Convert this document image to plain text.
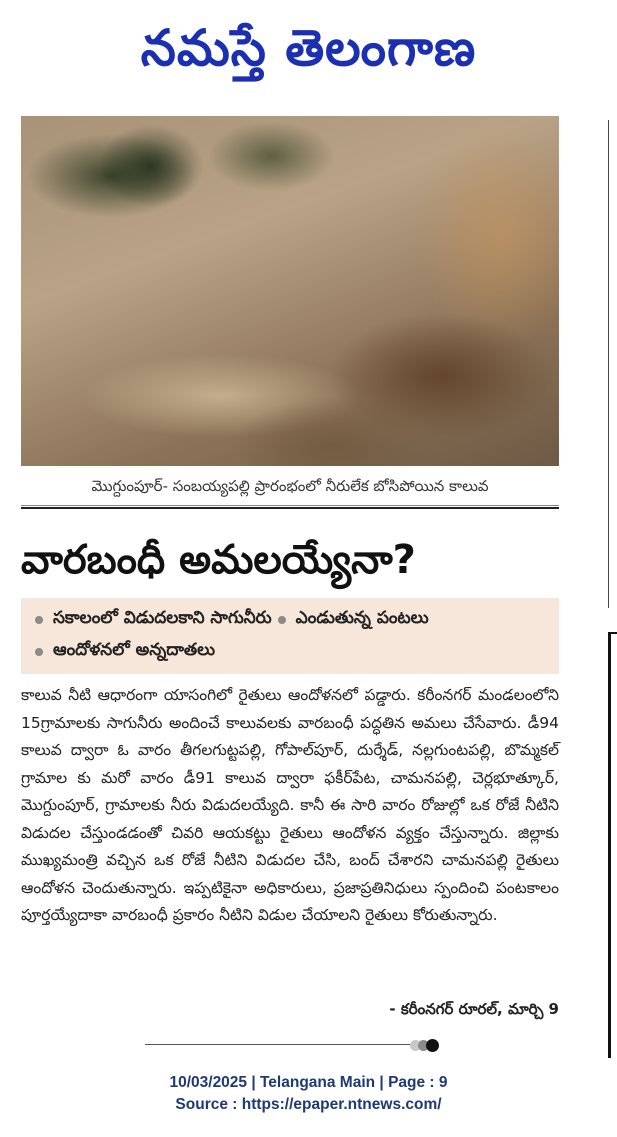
నమస్తే తెలంగాణ
మొగ్దుంపూర్‌- సంబయ్యపల్లి ప్రారంభంలో నీరులేక బోసిపోయిన కాలువ
వారబంధీ అమలయ్యేనా?
సకాలంలో విడుదలకాని సాగునీరు ఎండుతున్న పంటలు
ఆందోళనలో అన్నదాతలు
కాలువ నీటి ఆధారంగా యాసంగిలో రైతులు ఆందోళనలో పడ్డారు. కరీంనగర్‌ మండలంలోని 15గ్రామాలకు సాగునీరు అందించే కాలువలకు వారబంధీ పద్ధతిన అమలు చేసేవారు. డీ94 కాలువ ద్వారా ఓ వారం తీగలగుట్టపల్లి, గోపాల్‌పూర్‌, దుర్శేడ్‌, నల్లగుంటపల్లి, బొమ్మకల్‌ గ్రామాల కు మరో వారం డీ91 కాలువ ద్వారా ఫకీర్‌పేట, చామనపల్లి, చెర్లభూత్కూర్‌, మొగ్దుంపూర్‌, గ్రామాలకు నీరు విడుదలయ్యేది. కానీ ఈ సారి వారం రోజుల్లో ఒక రోజే నీటిని విడుదల చేస్తుండడంతో చివరి ఆయకట్టు రైతులు ఆందోళన వ్యక్తం చేస్తున్నారు. జిల్లాకు ముఖ్యమంత్రి వచ్చిన ఒక రోజే నీటిని విడుదల చేసి, బంద్‌ చేశారని చామనపల్లి రైతులు ఆందోళన చెందుతున్నారు. ఇప్పటికైనా అధికారులు, ప్రజాప్రతినిధులు స్పందించి పంటకాలం పూర్తయ్యేదాకా వారబంధీ ప్రకారం నీటిని విడుల చేయాలని రైతులు కోరుతున్నారు.
- కరీంనగర్‌ రూరల్‌, మార్చి 9
10/03/2025 | Telangana Main | Page : 9
Source : https://epaper.ntnews.com/
